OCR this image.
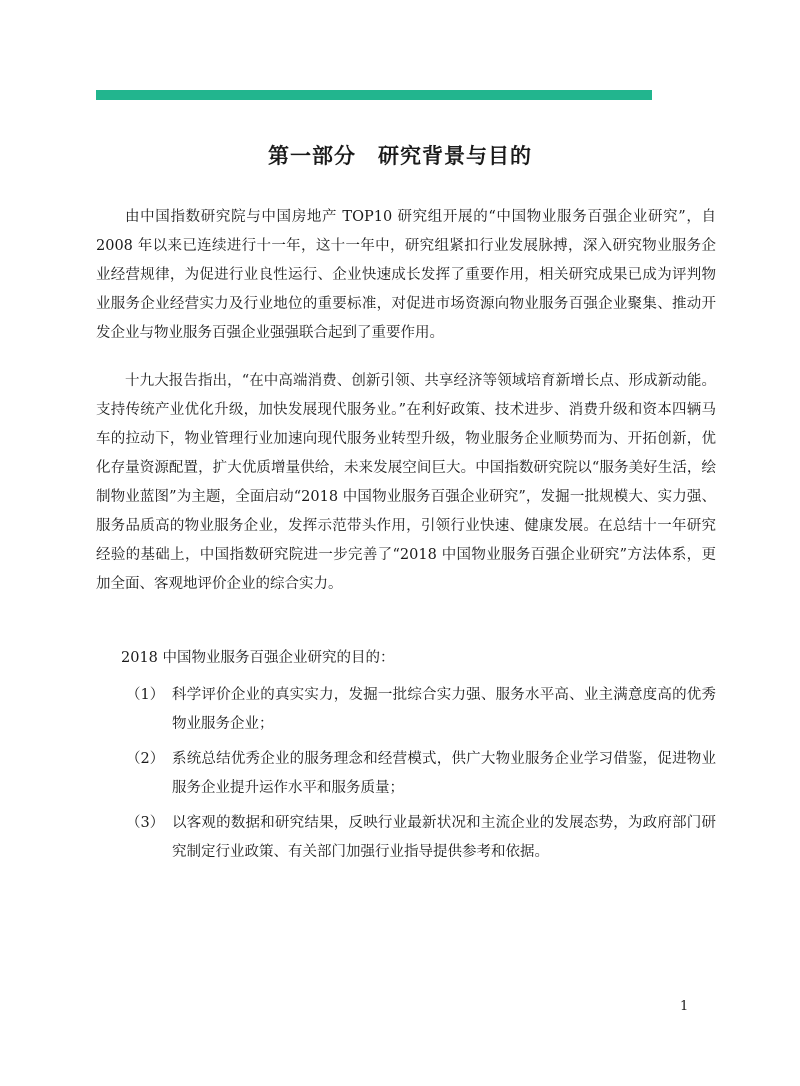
第一部分　研究背景与目的

由中国指数研究院与中国房地产 TOP10 研究组开展的“中国物业服务百强企业研究”，自 2008 年以来已连续进行十一年，这十一年中，研究组紧扣行业发展脉搏，深入研究物业服务企业经营规律，为促进行业良性运行、企业快速成长发挥了重要作用，相关研究成果已成为评判物业服务企业经营实力及行业地位的重要标准，对促进市场资源向物业服务百强企业聚集、推动开发企业与物业服务百强企业强强联合起到了重要作用。

十九大报告指出，“在中高端消费、创新引领、共享经济等领域培育新增长点、形成新动能。支持传统产业优化升级，加快发展现代服务业。”在利好政策、技术进步、消费升级和资本四辆马车的拉动下，物业管理行业加速向现代服务业转型升级，物业服务企业顺势而为、开拓创新，优化存量资源配置，扩大优质增量供给，未来发展空间巨大。中国指数研究院以“服务美好生活，绘制物业蓝图”为主题，全面启动“2018 中国物业服务百强企业研究”，发掘一批规模大、实力强、服务品质高的物业服务企业，发挥示范带头作用，引领行业快速、健康发展。在总结十一年研究经验的基础上，中国指数研究院进一步完善了“2018 中国物业服务百强企业研究”方法体系，更加全面、客观地评价企业的综合实力。

2018 中国物业服务百强企业研究的目的：

（1） 科学评价企业的真实实力，发掘一批综合实力强、服务水平高、业主满意度高的优秀物业服务企业；
（2） 系统总结优秀企业的服务理念和经营模式，供广大物业服务企业学习借鉴，促进物业服务企业提升运作水平和服务质量；
（3） 以客观的数据和研究结果，反映行业最新状况和主流企业的发展态势，为政府部门研究制定行业政策、有关部门加强行业指导提供参考和依据。
1
